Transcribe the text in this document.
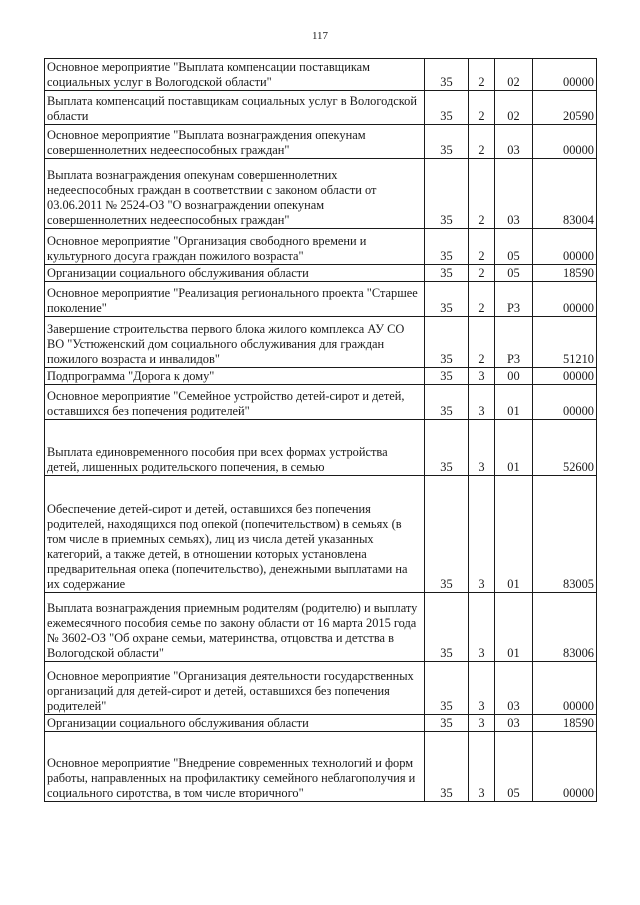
117
Основное мероприятие "Выплата компенсации поставщикам социальных услуг в Вологодской области"	35	2	02	00000
Выплата компенсаций поставщикам социальных услуг в Вологодской области	35	2	02	20590
Основное мероприятие "Выплата вознаграждения опекунам совершеннолетних недееспособных граждан"	35	2	03	00000
Выплата вознаграждения опекунам совершеннолетних недееспособных граждан в соответствии с законом области от 03.06.2011 № 2524-ОЗ "О вознаграждении опекунам совершеннолетних недееспособных граждан"	35	2	03	83004
Основное мероприятие "Организация свободного времени и культурного досуга граждан пожилого возраста"	35	2	05	00000
Организации социального обслуживания области	35	2	05	18590
Основное мероприятие "Реализация регионального проекта "Старшее поколение"	35	2	P3	00000
Завершение строительства первого блока жилого комплекса АУ СО ВО "Устюженский дом социального обслуживания для граждан пожилого возраста и инвалидов"	35	2	P3	51210
Подпрограмма "Дорога к дому"	35	3	00	00000
Основное мероприятие "Семейное устройство детей-сирот и детей, оставшихся без попечения родителей"	35	3	01	00000
Выплата единовременного пособия при всех формах устройства детей, лишенных родительского попечения, в семью	35	3	01	52600
Обеспечение детей-сирот и детей, оставшихся без попечения родителей, находящихся под опекой (попечительством) в семьях (в том числе в приемных семьях), лиц из числа детей указанных категорий, а также детей, в отношении которых установлена предварительная опека (попечительство), денежными выплатами на их содержание	35	3	01	83005
Выплата вознаграждения приемным родителям (родителю) и выплату ежемесячного пособия семье по закону области от 16 марта 2015 года № 3602-ОЗ "Об охране семьи, материнства, отцовства и детства в Вологодской области"	35	3	01	83006
Основное мероприятие "Организация деятельности государственных организаций для детей-сирот и детей, оставшихся без попечения родителей"	35	3	03	00000
Организации социального обслуживания области	35	3	03	18590
Основное мероприятие "Внедрение современных технологий и форм работы, направленных на профилактику семейного неблагополучия и социального сиротства, в том числе вторичного"	35	3	05	00000
